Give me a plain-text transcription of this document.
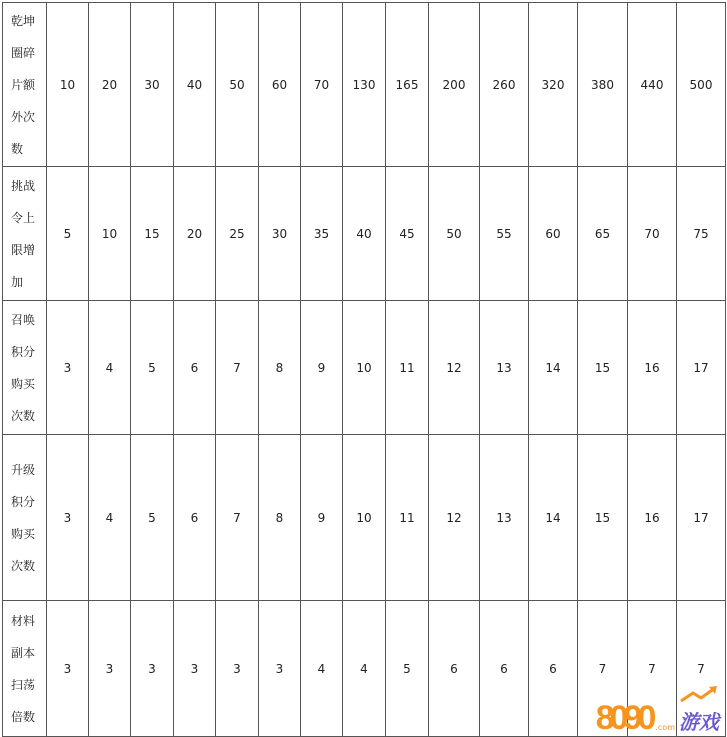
乾坤圈碎片额外次数	10	20	30	40	50	60	70	130	165	200	260	320	380	440	500
挑战令上限增加	5	10	15	20	25	30	35	40	45	50	55	60	65	70	75
召唤积分购买次数	3	4	5	6	7	8	9	10	11	12	13	14	15	16	17
升级积分购买次数	3	4	5	6	7	8	9	10	11	12	13	14	15	16	17
材料副本扫荡倍数	3	3	3	3	3	3	4	4	5	6	6	6	7	7	7
8090 .com 游戏
